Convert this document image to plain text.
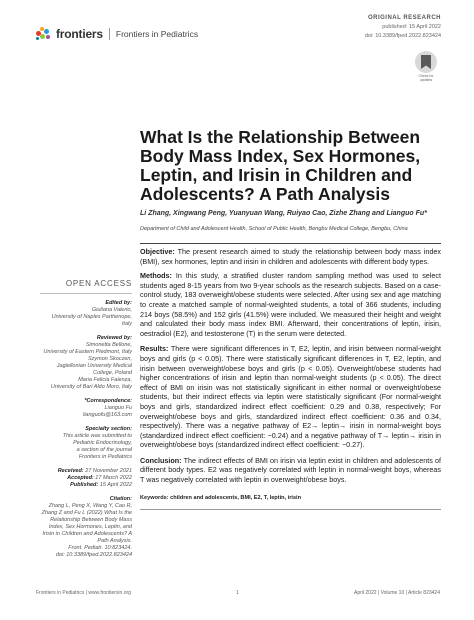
frontiers Frontiers in Pediatrics
ORIGINAL RESEARCH
published: 15 April 2022
doi: 10.3389/fped.2022.823424
Check for updates
What Is the Relationship Between Body Mass Index, Sex Hormones, Leptin, and Irisin in Children and Adolescents? A Path Analysis
Li Zhang, Xingwang Peng, Yuanyuan Wang, Ruiyao Cao, Zizhe Zhang and Lianguo Fu*
Department of Child and Adolescent Health, School of Public Health, Bengbu Medical College, Bengbu, China
OPEN ACCESS
Edited by:
Giuliana Valerio,
University of Naples Parthenope, Italy
Reviewed by:
Simonetta Bellone,
University of Eastern Piedmont, Italy
Szymon Skoczen,
Jagiellonian University Medical
College, Poland
Maria Felicia Faienza,
University of Bari Aldo Moro, Italy
*Correspondence:
Lianguo Fu
lianguofu@163.com
Specialty section:
This article was submitted to
Pediatric Endocrinology,
a section of the journal
Frontiers in Pediatrics
Received: 27 November 2021
Accepted: 17 March 2022
Published: 15 April 2022
Citation:
Zhang L, Peng X, Wang Y, Cao R,
Zhang Z and Fu L (2022) What Is the
Relationship Between Body Mass
Index, Sex Hormones, Leptin, and
Irisin in Children and Adolescents? A
Path Analysis.
Front. Pediatr. 10:823424.
doi: 10.3389/fped.2022.823424

Objective: The present research aimed to study the relationship between body mass index (BMI), sex hormones, leptin and irisin in children and adolescents with different body types.

Methods: In this study, a stratified cluster random sampling method was used to select students aged 8-15 years from two 9-year schools as the research subjects. Based on a case-control study, 183 overweight/obese students were selected. After using sex and age matching to create a matched sample of normal-weighted students, a total of 366 students, including 214 boys (58.5%) and 152 girls (41.5%) were included. We measured their height and weight and calculated their body mass index BMI. Afterward, their concentrations of leptin, irisin, oestradiol (E2), and testosterone (T) in the serum were detected.

Results: There were significant differences in T, E2, leptin, and irisin between normal-weight boys and girls (p < 0.05). There were statistically significant differences in T, E2, leptin, and irisin between overweight/obese boys and girls (p < 0.05). Overweight/obese students had higher concentrations of irisin and leptin than normal-weight students (p < 0.05). The direct effect of BMI on irisin was not statistically significant in either normal or overweight/obese students, but their indirect effects via leptin were statistically significant (For normal-weight boys and girls, standardized indirect effect coefficient: 0.29 and 0.38, respectively; For overweight/obese boys and girls, standardized indirect effect coefficient: 0.36 and 0.34, respectively). There was a negative pathway of E2→ leptin→ irisin in normal-weight boys (standardized indirect effect coefficient: −0.24) and a negative pathway of T→ leptin→ irisin in overweight/obese boys (standardized indirect effect coefficient: −0.27).

Conclusion: The indirect effects of BMI on irisin via leptin exist in children and adolescents of different body types. E2 was negatively correlated with leptin in normal-weight boys, whereas T was negatively correlated with leptin in overweight/obese boys.

Keywords: children and adolescents, BMI, E2, T, leptin, irisin

Frontiers in Pediatrics | www.frontiersin.org	1	April 2022 | Volume 10 | Article 823424
